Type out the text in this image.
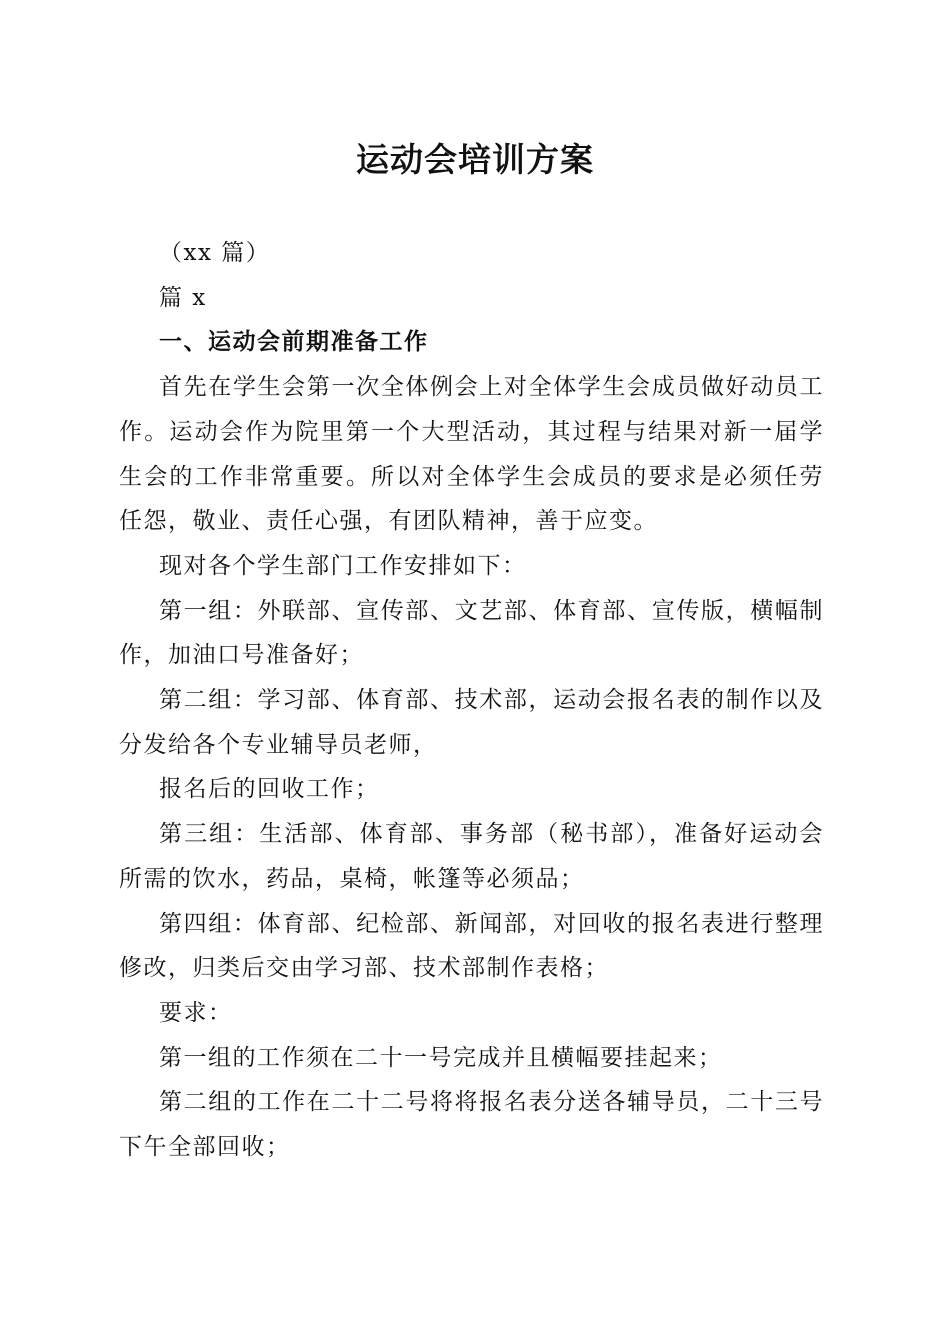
运动会培训方案

（xx 篇）

篇 x

一、运动会前期准备工作

首先在学生会第一次全体例会上对全体学生会成员做好动员工作。运动会作为院里第一个大型活动，其过程与结果对新一届学生会的工作非常重要。所以对全体学生会成员的要求是必须任劳任怨，敬业、责任心强，有团队精神，善于应变。

现对各个学生部门工作安排如下：

第一组：外联部、宣传部、文艺部、体育部、宣传版，横幅制作，加油口号准备好；

第二组：学习部、体育部、技术部，运动会报名表的制作以及分发给各个专业辅导员老师，

报名后的回收工作；

第三组：生活部、体育部、事务部（秘书部），准备好运动会所需的饮水，药品，桌椅，帐篷等必须品；

第四组：体育部、纪检部、新闻部，对回收的报名表进行整理修改，归类后交由学习部、技术部制作表格；

要求：

第一组的工作须在二十一号完成并且横幅要挂起来；

第二组的工作在二十二号将将报名表分送各辅导员，二十三号下午全部回收；
